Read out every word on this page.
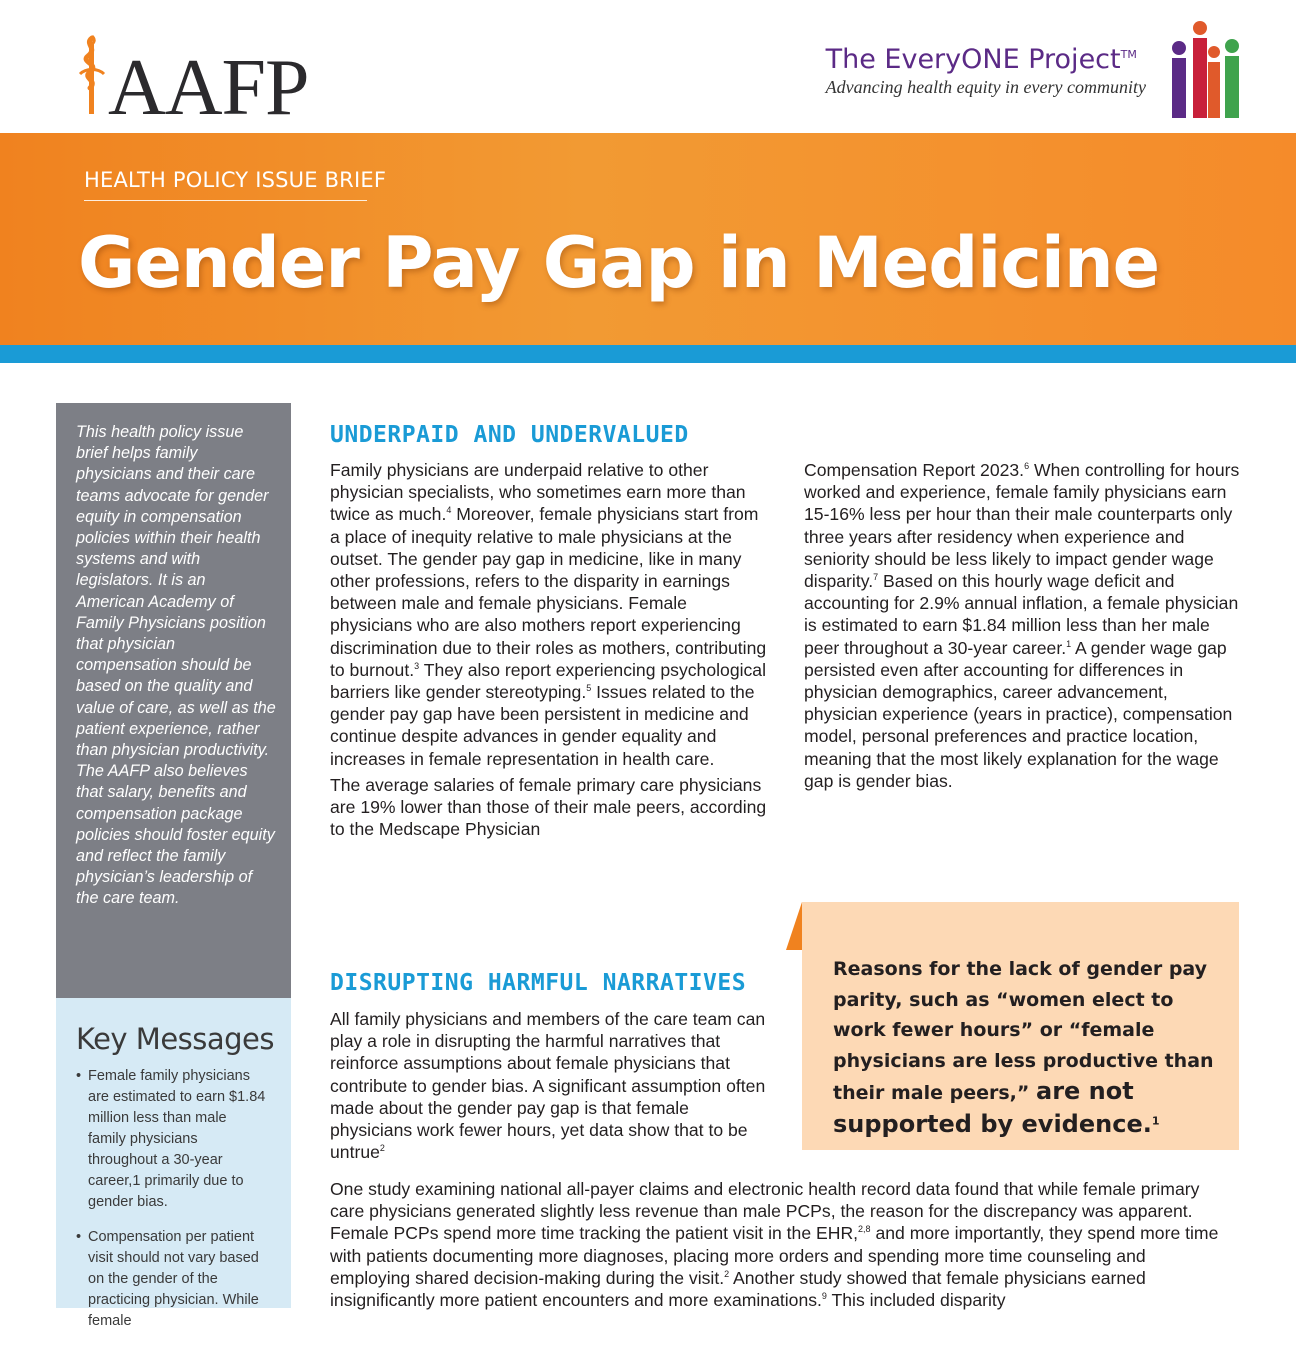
AAFP	The EveryONE Project™
Advancing health equity in every community
HEALTH POLICY ISSUE BRIEF
Gender Pay Gap in Medicine

This health policy issue brief helps family physicians and their care teams advocate for gender equity in compensation policies within their health systems and with legislators. It is an American Academy of Family Physicians position that physician compensation should be based on the quality and value of care, as well as the patient experience, rather than physician productivity. The AAFP also believes that salary, benefits and compensation package policies should foster equity and reflect the family physician’s leadership of the care team.

Key Messages
• Female family physicians are estimated to earn $1.84 million less than male family physicians throughout a 30-year career,1 primarily due to gender bias.
• Compensation per patient visit should not vary based on the gender of the practicing physician. While female
UNDERPAID AND UNDERVALUED

Family physicians are underpaid relative to other physician specialists, who sometimes earn more than twice as much.$^4$ Moreover, female physicians start from a place of inequity relative to male physicians at the outset. The gender pay gap in medicine, like in many other professions, refers to the disparity in earnings between male and female physicians. Female physicians who are also mothers report experiencing discrimination due to their roles as mothers, contributing to burnout.$^3$ They also report experiencing psychological barriers like gender stereotyping.$^5$ Issues related to the gender pay gap have been persistent in medicine and continue despite advances in gender equality and increases in female representation in health care.

The average salaries of female primary care physicians are 19% lower than those of their male peers, according to the Medscape Physician

Compensation Report 2023.$^6$ When controlling for hours worked and experience, female family physicians earn 15-16% less per hour than their male counterparts only three years after residency when experience and seniority should be less likely to impact gender wage disparity.$^7$ Based on this hourly wage deficit and accounting for 2.9% annual inflation, a female physician is estimated to earn $1.84 million less than her male peer throughout a 30-year career.$^1$ A gender wage gap persisted even after accounting for differences in physician demographics, career advancement, physician experience (years in practice), compensation model, personal preferences and practice location, meaning that the most likely explanation for the wage gap is gender bias.

Reasons for the lack of gender pay parity, such as “women elect to work fewer hours” or “female physicians are less productive than their male peers,” are not supported by evidence.$^1$

DISRUPTING HARMFUL NARRATIVES

All family physicians and members of the care team can play a role in disrupting the harmful narratives that reinforce assumptions about female physicians that contribute to gender bias. A significant assumption often made about the gender pay gap is that female physicians work fewer hours, yet data show that to be untrue$^2$

One study examining national all-payer claims and electronic health record data found that while female primary care physicians generated slightly less revenue than male PCPs, the reason for the discrepancy was apparent. Female PCPs spend more time tracking the patient visit in the EHR,$^{2,8}$ and more importantly, they spend more time with patients documenting more diagnoses, placing more orders and spending more time counseling and employing shared decision-making during the visit.$^2$ Another study showed that female physicians earned insignificantly more patient encounters and more examinations.$^9$ This included disparity
